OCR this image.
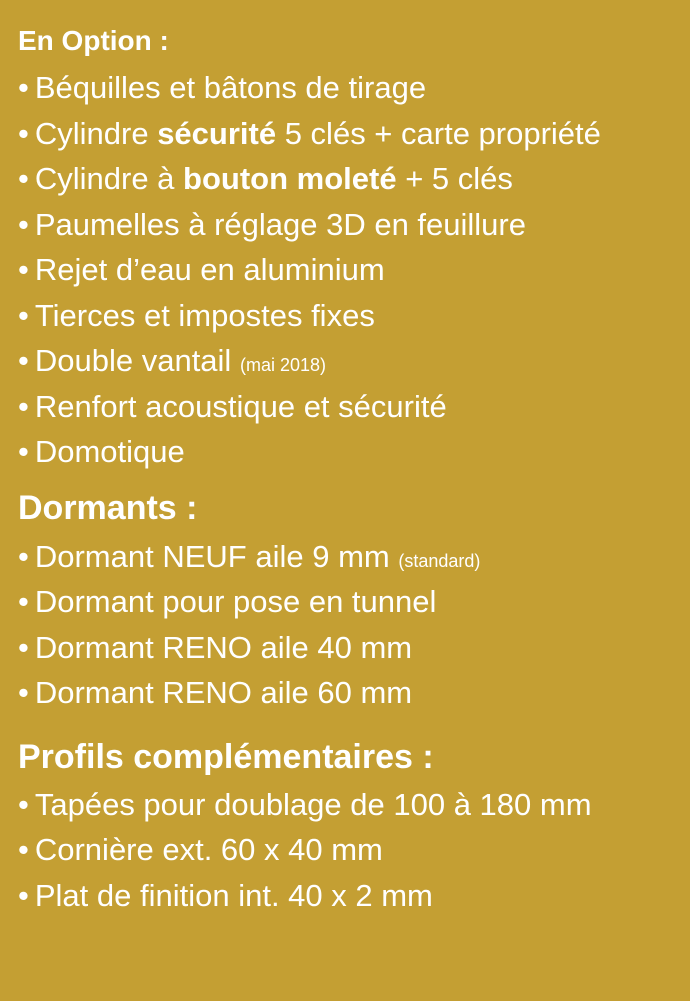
En Option :
• Béquilles et bâtons de tirage
• Cylindre sécurité 5 clés + carte propriété
• Cylindre à bouton moleté + 5 clés
• Paumelles à réglage 3D en feuillure
• Rejet d’eau en aluminium
• Tierces et impostes fixes
• Double vantail (mai 2018)
• Renfort acoustique et sécurité
• Domotique
Dormants :
• Dormant NEUF aile 9 mm (standard)
• Dormant pour pose en tunnel
• Dormant RENO aile 40 mm
• Dormant RENO aile 60 mm
Profils complémentaires :
• Tapées pour doublage de 100 à 180 mm
• Cornière ext. 60 x 40 mm
• Plat de finition int. 40 x 2 mm
